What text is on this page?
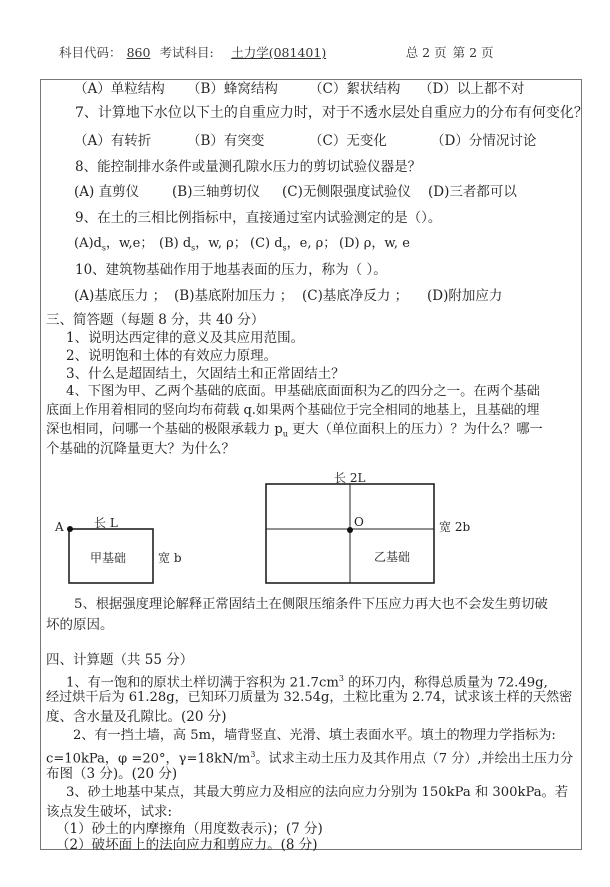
科目代码： 860 考试科目: 土力学(081401)	总 2 页 第 2 页
（A）单粒结构 （B）蜂窝结构 （C）絮状结构 （D）以上都不对
7、计算地下水位以下土的自重应力时，对于不透水层处自重应力的分布有何变化？
（A）有转折	（B）有突变	（C）无变化	（D）分情况讨论
8、能控制排水条件或量测孔隙水压力的剪切试验仪器是？
(A) 直剪仪 (B)三轴剪切仪 (C)无侧限强度试验仪 (D)三者都可以
9、在土的三相比例指标中，直接通过室内试验测定的是（）。
$(A)d_s$，w,e； (B) $d_s$，w, ρ； (C) $d_s$，e, ρ； (D) ρ，w, e
10、建筑物基础作用于地基表面的压力，称为（ ）。
(A)基底压力 ； (B)基底附加压力 ； (C)基底净反力 ； (D)附加应力
三、简答题（每题 8 分，共 40 分）
1、说明达西定律的意义及其应用范围。
2、说明饱和土体的有效应力原理。
3、什么是超固结土，欠固结土和正常固结土？
4、下图为甲、乙两个基础的底面。甲基础底面面积为乙的四分之一。在两个基础
底面上作用着相同的竖向均布荷载 q.如果两个基础位于完全相同的地基上，且基础的埋
深也相同，问哪一个基础的极限承载力 $p_u$ 更大（单位面积上的压力）？为什么？哪一
个基础的沉降量更大？为什么？
A	长 L
甲基础	宽 b
长 2L
O	宽 2b
乙基础
5、根据强度理论解释正常固结土在侧限压缩条件下压应力再大也不会发生剪切破
坏的原因。
四、计算题（共 55 分）
1、有一饱和的原状土样切满于容积为 $21.7cm^3$ 的环刀内，称得总质量为 72.49g,
经过烘干后为 61.28g，已知环刀质量为 32.54g，土粒比重为 2.74，试求该土样的天然密
度、含水量及孔隙比。(20 分)
2、有一挡土墙，高 5m，墙背竖直、光滑、填土表面水平。填土的物理力学指标为:
c=10kPa，φ =20°，$\gamma=18kN/m^3$。试求主动土压力及其作用点（7 分）,并绘出土压力分
布图（3 分)。(20 分)
3、砂土地基中某点，其最大剪应力及相应的法向应力分别为 150kPa 和 300kPa。若
该点发生破坏，试求:
（1）砂土的内摩擦角（用度数表示)；(7 分)
（2）破坏面上的法向应力和剪应力。(8 分)
